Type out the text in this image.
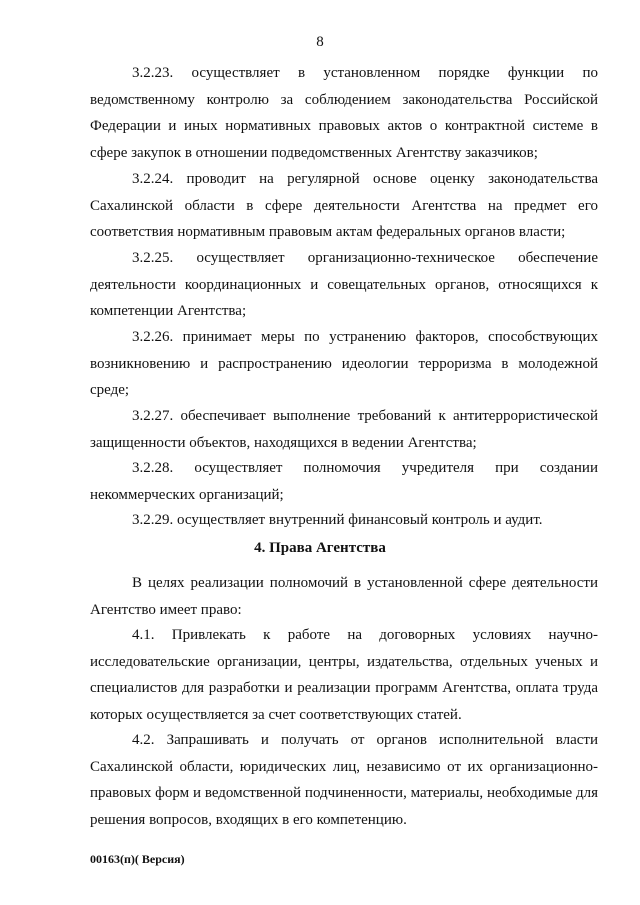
8

3.2.23. осуществляет в установленном порядке функции по ведомственному контролю за соблюдением законодательства Российской Федерации и иных нормативных правовых актов о контрактной системе в сфере закупок в отношении подведомственных Агентству заказчиков;

3.2.24. проводит на регулярной основе оценку законодательства Сахалинской области в сфере деятельности Агентства на предмет его соответствия нормативным правовым актам федеральных органов власти;

3.2.25. осуществляет организационно-техническое обеспечение деятельности координационных и совещательных органов, относящихся к компетенции Агентства;

3.2.26. принимает меры по устранению факторов, способствующих возникновению и распространению идеологии терроризма в молодежной среде;

3.2.27. обеспечивает выполнение требований к антитеррористической защищенности объектов, находящихся в ведении Агентства;

3.2.28. осуществляет полномочия учредителя при создании некоммерческих организаций;

3.2.29. осуществляет внутренний финансовый контроль и аудит.

4. Права Агентства

В целях реализации полномочий в установленной сфере деятельности Агентство имеет право:

4.1. Привлекать к работе на договорных условиях научно-исследовательские организации, центры, издательства, отдельных ученых и специалистов для разработки и реализации программ Агентства, оплата труда которых осуществляется за счет соответствующих статей.

4.2. Запрашивать и получать от органов исполнительной власти Сахалинской области, юридических лиц, независимо от их организационно-правовых форм и ведомственной подчиненности, материалы, необходимые для решения вопросов, входящих в его компетенцию.

00163(п)( Версия)
